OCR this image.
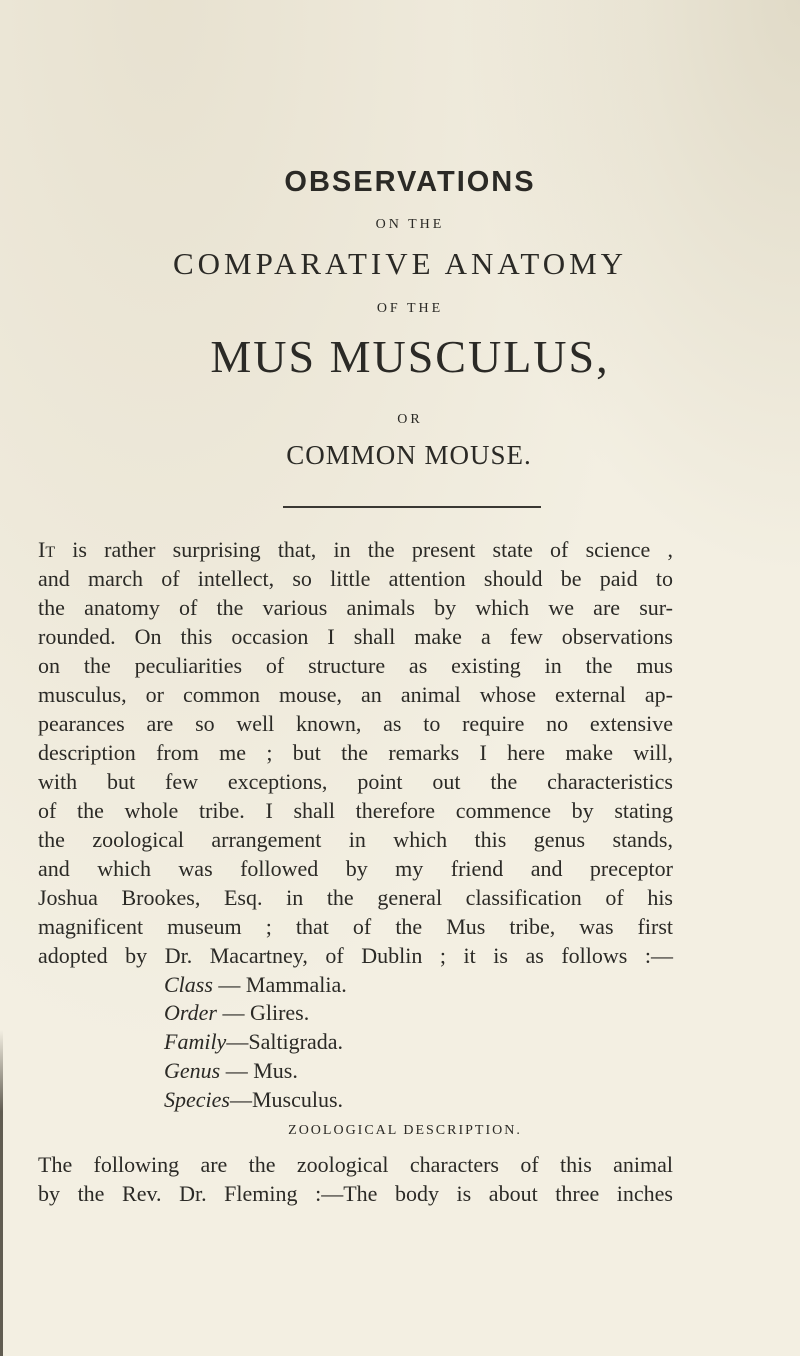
OBSERVATIONS
ON THE
COMPARATIVE ANATOMY
OF THE
MUS MUSCULUS,
OR
COMMON MOUSE.
IT is rather surprising that, in the present state of science ,
and march of intellect, so little attention should be paid to
the anatomy of the various animals by which we are sur-
rounded. On this occasion I shall make a few observations
on the peculiarities of structure as existing in the mus
musculus, or common mouse, an animal whose external ap-
pearances are so well known, as to require no extensive
description from me ; but the remarks I here make will,
with but few exceptions, point out the characteristics
of the whole tribe. I shall therefore commence by stating
the zoological arrangement in which this genus stands,
and which was followed by my friend and preceptor
Joshua Brookes, Esq. in the general classification of his
magnificent museum ; that of the Mus tribe, was first
adopted by Dr. Macartney, of Dublin ; it is as follows :—
Class — Mammalia.
Order — Glires.
Family—Saltigrada.
Genus — Mus.
Species—Musculus.
ZOOLOGICAL DESCRIPTION.
The following are the zoological characters of this animal
by the Rev. Dr. Fleming :—The body is about three inches
